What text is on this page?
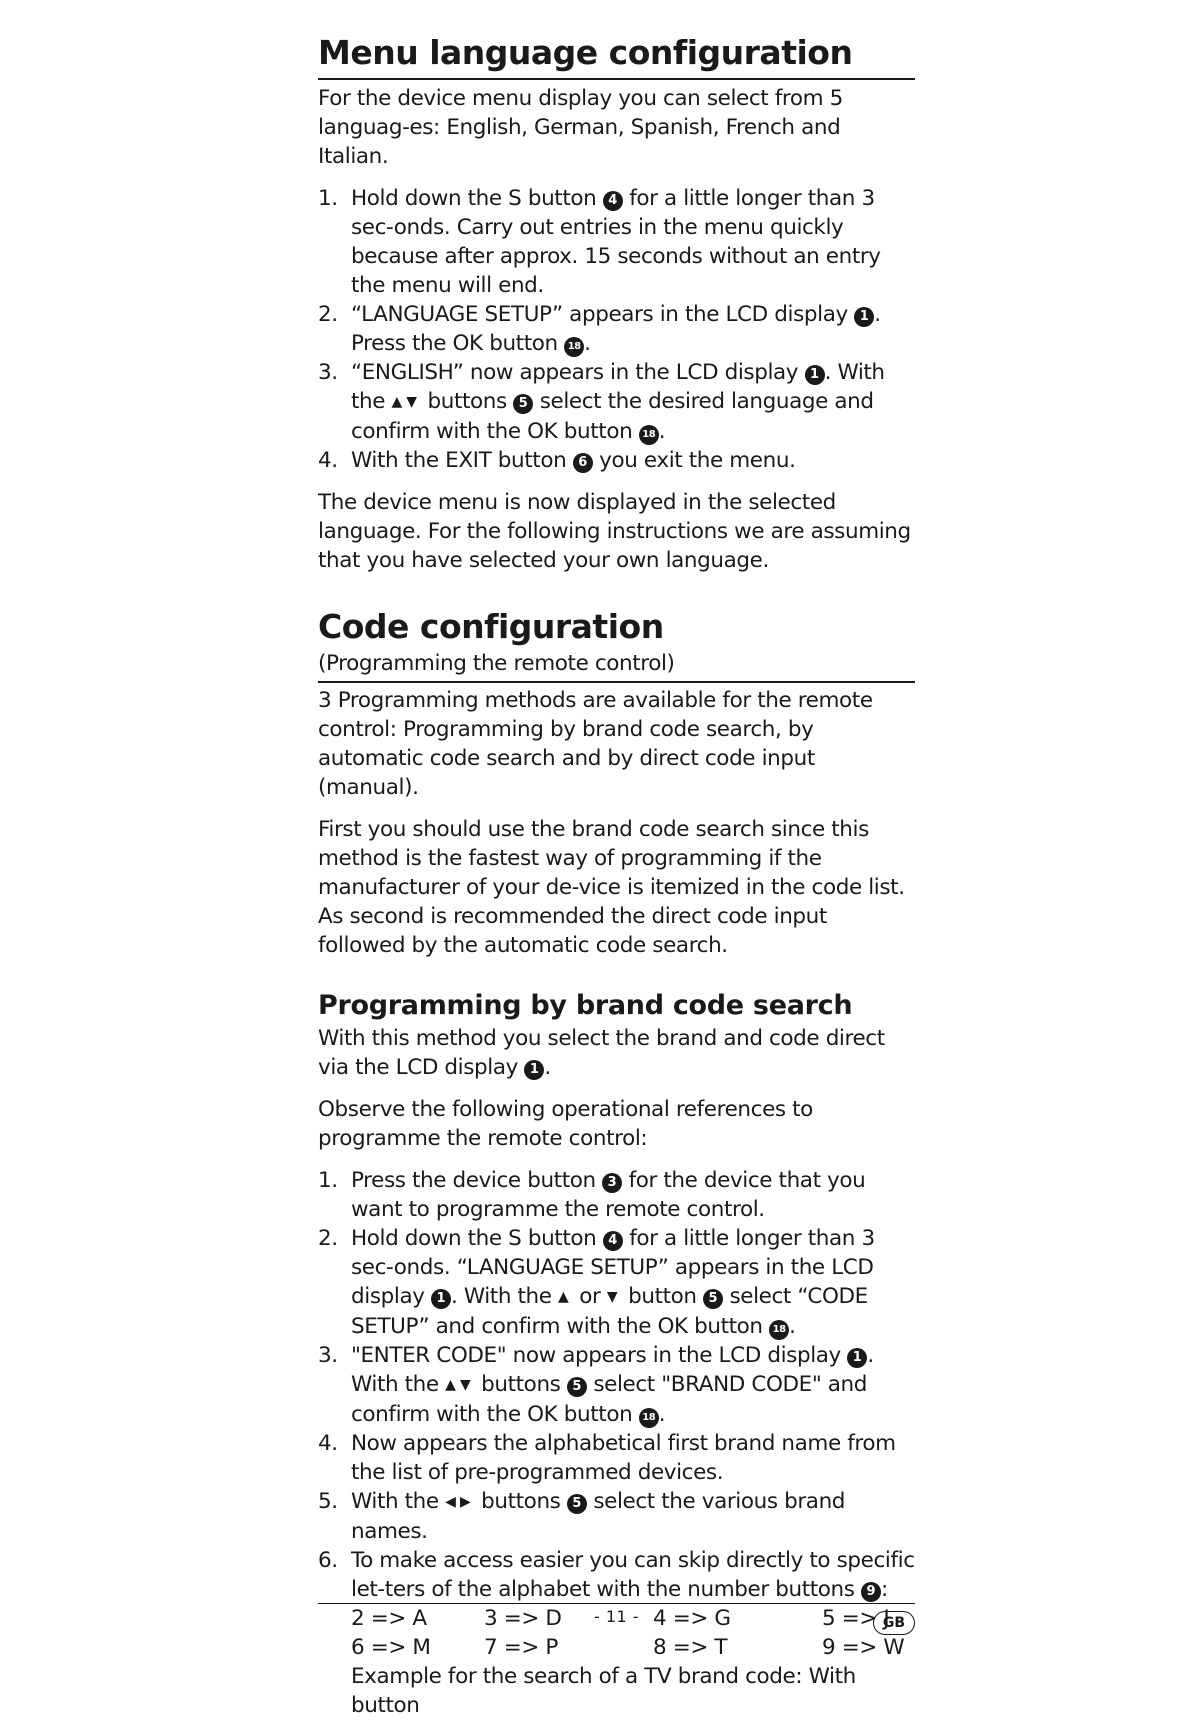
Menu language configuration

For the device menu display you can select from 5 languag-es: English, German, Spanish, French and Italian.

1. Hold down the S button 4 for a little longer than 3 sec-onds. Carry out entries in the menu quickly because after approx. 15 seconds without an entry the menu will end.
2. “LANGUAGE SETUP” appears in the LCD display 1 . Press the OK button 18 .
3. “ENGLISH” now appears in the LCD display 1 . With the ▲▼ buttons 5 select the desired language and confirm with the OK button 18 .
4. With the EXIT button 6 you exit the menu.

The device menu is now displayed in the selected language. For the following instructions we are assuming that you have selected your own language.

Code configuration

(Programming the remote control)

3 Programming methods are available for the remote control: Programming by brand code search, by automatic code search and by direct code input (manual).

First you should use the brand code search since this method is the fastest way of programming if the manufacturer of your de-vice is itemized in the code list. As second is recommended the direct code input followed by the automatic code search.

Programming by brand code search

With this method you select the brand and code direct via the LCD display 1 .

Observe the following operational references to programme the remote control:

1. Press the device button 3 for the device that you want to programme the remote control.
2. Hold down the S button 4 for a little longer than 3 sec-onds. “LANGUAGE SETUP” appears in the LCD display 1 . With the ▲ or ▼ button 5 select “CODE SETUP” and confirm with the OK button 18 .
3. "ENTER CODE" now appears in the LCD display 1 . With the ▲▼ buttons 5 select "BRAND CODE" and confirm with the OK button 18 .
4. Now appears the alphabetical first brand name from the list of pre-programmed devices.
5. With the ◀▶ buttons 5 select the various brand names.
6. To make access easier you can skip directly to specific let-ters of the alphabet with the number buttons 9 :
2 => A	3 => D	4 => G	5 => J
6 => M	7 => P	8 => T	9 => W
Example for the search of a TV brand code: With button
- 11 -	GB
